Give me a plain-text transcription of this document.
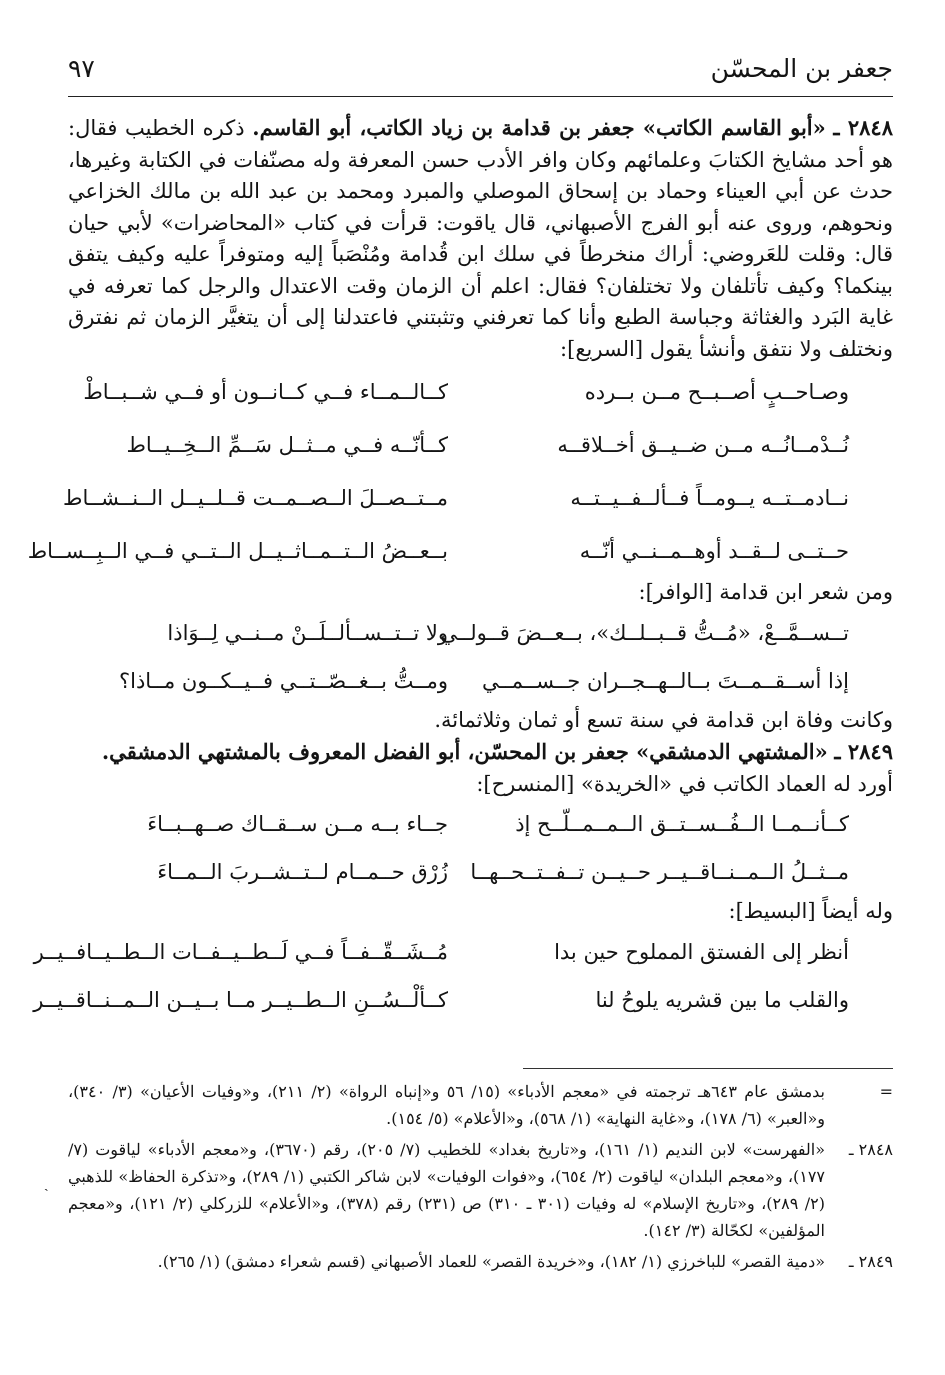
جعفر بن المحسّن
٩٧

٢٨٤٨ ـ «أبو القاسم الكاتب» جعفر بن قدامة بن زياد الكاتب، أبو القاسم. ذكره الخطيب فقال: هو أحد مشايخ الكتابَ وعلمائهم وكان وافر الأدب حسن المعرفة وله مصنّفات في الكتابة وغيرها، حدث عن أبي العيناء وحماد بن إسحاق الموصلي والمبرد ومحمد بن عبد الله بن مالك الخزاعي ونحوهم، وروى عنه أبو الفرج الأصبهاني، قال ياقوت: قرأت في كتاب «المحاضرات» لأبي حيان قال: وقلت للعَروضي: أراك منخرطاً في سلك ابن قُدامة ومُنْصَباً إليه ومتوفراً عليه وكيف يتفق بينكما؟ وكيف تأتلفان ولا تختلفان؟ فقال: اعلم أن الزمان وقت الاعتدال والرجل كما تعرفه في غاية البَرد والغثاثة وجباسة الطبع وأنا كما تعرفني وتثبتني فاعتدلنا إلى أن يتغيَّر الزمان ثم نفترق ونختلف ولا نتفق وأنشأ يقول [السريع]:

وصـاحــبٍ أصــبــح مــن بــرده
كــالــمــاء فــي كــانــون أو فــي شــبــاطْ
نُــدْمــانُــه مــن ضــيــق أخــلاقــه
كــأنّــه فــي مــثــل سَــمِّ الــخِــيــاط
نــادمــتــه يــومــاً فــألــفــيــتــه
مــتــصــلَ الــصــمــت قــلــيــل الــنــشــاط
حــتــى لــقــد أوهــمــنــي أنّــه
بــعــضُ الــتــمــاثــيــل الــتــي فــي الــبِــســاط

ومن شعر ابن قدامة [الوافر]:

تــســمَّــعْ، «مُــتُّ قــبــلــك»، بــعــضَ قــولــي
ولا تــتــســألــلَــنْ مــنــي لِــوَاذا
إذا أســقــمــتَ بــالــهــجــران جــســمــي
ومــتُّ بــغــصّــتــي فــيــكــون مــاذا؟

وكانت وفاة ابن قدامة في سنة تسع أو ثمان وثلاثمائة.

٢٨٤٩ ـ «المشتهي الدمشقي» جعفر بن المحسّن، أبو الفضل المعروف بالمشتهي الدمشقي.

أورد له العماد الكاتب في «الخريدة» [المنسرح]:

كــأنــمــا الــفُــســتــق الــمــمــلّــح إذ
جــاء بــه مــن ســقــاك صــهــبــاءَ
مــثــلُ الــمــنــاقــيــر حــيــن تــفــتــحــهــا
زُرْق حــمــام لــتــشــربَ الــمــاءَ

وله أيضاً [البسيط]:

أنظر إلى الفستق المملوح حين بدا
مُــشَــقّــفــاً فــي لَــطــيــفــات الــطــيــافــيــر
والقلب ما بين قشريه يلوحُ لنا
كــألْــسُــنِ الــطــيــر مــا بــيــن الــمــنــاقــيــر
=
بدمشق عام ٦٤٣هـ ترجمته في «معجم الأدباء» (١٥/ ٥٦ و«إنباه الرواة» (٢/ ٢١١)، و«وفيات الأعيان» (٣/ ٣٤٠)، و«العبر» (٦/ ١٧٨)، و«غاية النهاية» (١/ ٥٦٨)، و«الأعلام» (٥/ ١٥٤).
٢٨٤٨ ـ
«الفهرست» لابن النديم (١/ ١٦١)، و«تاريخ بغداد» للخطيب (٧/ ٢٠٥)، رقم (٣٦٧٠)، و«معجم الأدباء» لياقوت (٧/ ١٧٧)، و«معجم البلدان» لياقوت (٢/ ٦٥٤)، و«فوات الوفيات» لابن شاكر الكتبي (١/ ٢٨٩)، و«تذكرة الحفاظ» للذهبي (٢/ ٢٨٩)، و«تاريخ الإسلام» له وفيات (٣٠١ ـ ٣١٠) ص (٢٣١) رقم (٣٧٨)، و«الأعلام» للزركلي (٢/ ١٢١)، و«معجم المؤلفين» لكحّالة (٣/ ١٤٢).
٢٨٤٩ ـ
«دمية القصر» للباخرزي (١/ ١٨٢)، و«خريدة القصر» للعماد الأصبهاني (قسم شعراء دمشق) (١/ ٢٦٥).
ˎ
